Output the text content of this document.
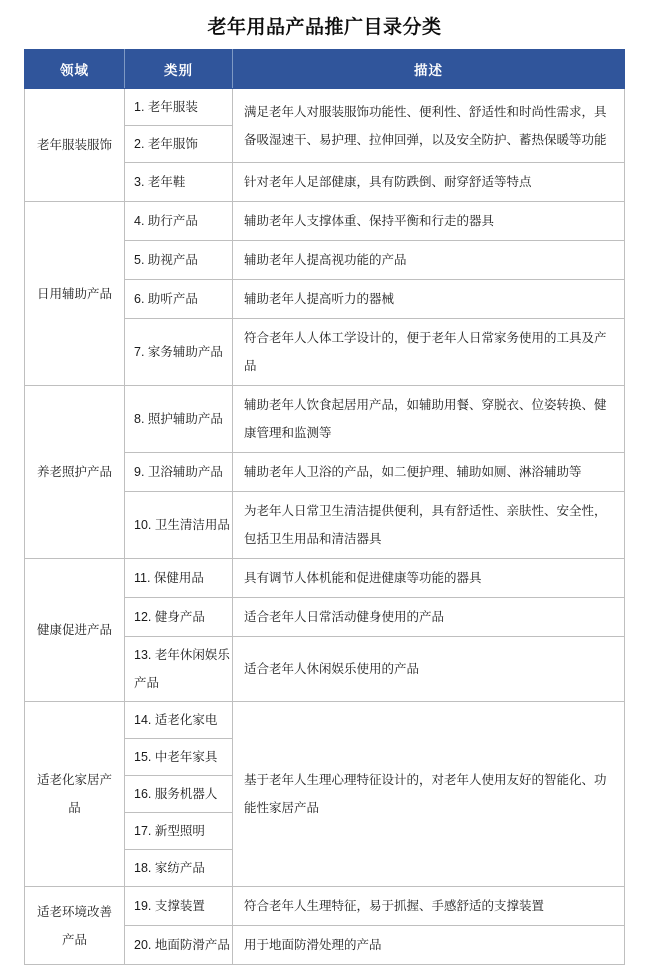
老年用品产品推广目录分类
领域	类别	描述
老年服装服饰	1. 老年服装	满足老年人对服装服饰功能性、便利性、舒适性和时尚性需求，具备吸湿速干、易护理、拉伸回弹，以及安全防护、蓄热保暖等功能
	2. 老年服饰	
	3. 老年鞋	针对老年人足部健康，具有防跌倒、耐穿舒适等特点
日用辅助产品	4. 助行产品	辅助老年人支撑体重、保持平衡和行走的器具
	5. 助视产品	辅助老年人提高视功能的产品
	6. 助听产品	辅助老年人提高听力的器械
	7. 家务辅助产品	符合老年人人体工学设计的，便于老年人日常家务使用的工具及产品
养老照护产品	8. 照护辅助产品	辅助老年人饮食起居用产品，如辅助用餐、穿脱衣、位姿转换、健康管理和监测等
	9. 卫浴辅助产品	辅助老年人卫浴的产品，如二便护理、辅助如厕、淋浴辅助等
	10. 卫生清洁用品	为老年人日常卫生清洁提供便利，具有舒适性、亲肤性、安全性，包括卫生用品和清洁器具
健康促进产品	11. 保健用品	具有调节人体机能和促进健康等功能的器具
	12. 健身产品	适合老年人日常活动健身使用的产品
	13. 老年休闲娱乐产品	适合老年人休闲娱乐使用的产品
适老化家居产品	14. 适老化家电	基于老年人生理心理特征设计的，对老年人使用友好的智能化、功能性家居产品
	15. 中老年家具	
	16. 服务机器人	
	17. 新型照明	
	18. 家纺产品	
适老环境改善产品	19. 支撑装置	符合老年人生理特征，易于抓握、手感舒适的支撑装置
	20. 地面防滑产品	用于地面防滑处理的产品
